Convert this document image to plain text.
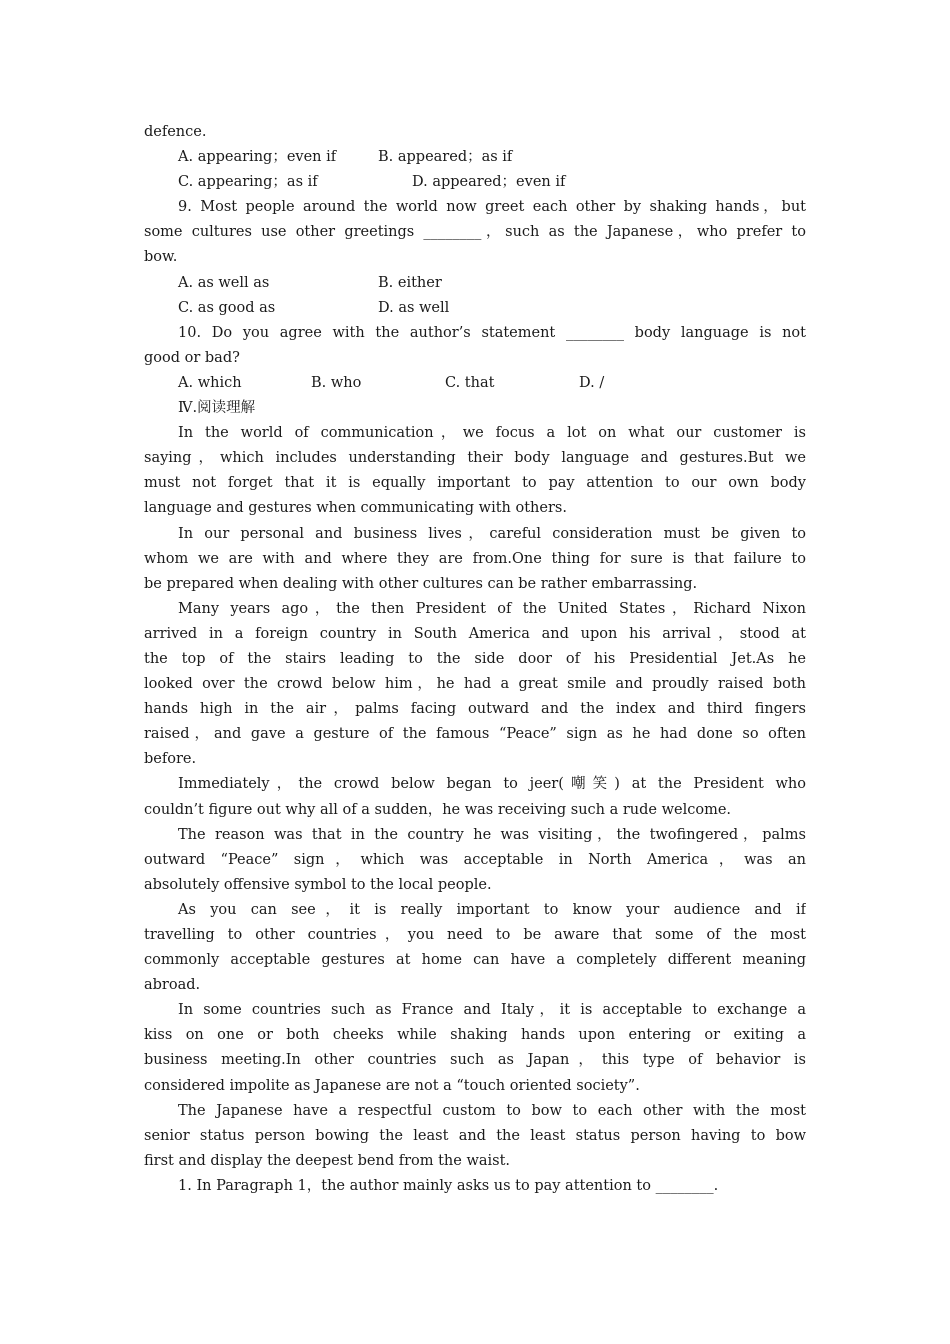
defence.
A. appearing；even if	B. appeared；as if
C. appearing；as if	D. appeared；even if
9. Most people around the world now greet each other by shaking hands，but
some cultures use other greetings ________，such as the Japanese，who prefer to
bow.
A. as well as	B. either
C. as good as	D. as well
10. Do you agree with the author’s statement ________ body language is not
good or bad?
A. which	B. who	C. that	D. /
Ⅳ.阅读理解
In the world of communication，we focus a lot on what our customer is
saying，which includes understanding their body language and gestures.But we
must not forget that it is equally important to pay attention to our own body
language and gestures when communicating with others.
In our personal and business lives，careful consideration must be given to
whom we are with and where they are from.One thing for sure is that failure to
be prepared when dealing with other cultures can be rather embarrassing.
Many years ago，the then President of the United States，Richard Nixon
arrived in a foreign country in South America and upon his arrival，stood at
the top of the stairs leading to the side door of his Presidential Jet.As he
looked over the crowd below him，he had a great smile and proudly raised both
hands high in the air，palms facing outward and the index and third fingers
raised，and gave a gesture of the famous “Peace” sign as he had done so often
before.
Immediately，the crowd below began to jeer(嘲笑) at the President who
couldn’t figure out why all of a sudden，he was receiving such a rude welcome.
The reason was that in the country he was visiting，the twofingered，palms
outward “Peace” sign，which was acceptable in North America，was an
absolutely offensive symbol to the local people.
As you can see，it is really important to know your audience and if
travelling to other countries，you need to be aware that some of the most
commonly acceptable gestures at home can have a completely different meaning
abroad.
In some countries such as France and Italy，it is acceptable to exchange a
kiss on one or both cheeks while shaking hands upon entering or exiting a
business meeting.In other countries such as Japan，this type of behavior is
considered impolite as Japanese are not a “touch oriented society”.
The Japanese have a respectful custom to bow to each other with the most
senior status person bowing the least and the least status person having to bow
first and display the deepest bend from the waist.
1. In Paragraph 1，the author mainly asks us to pay attention to ________.
